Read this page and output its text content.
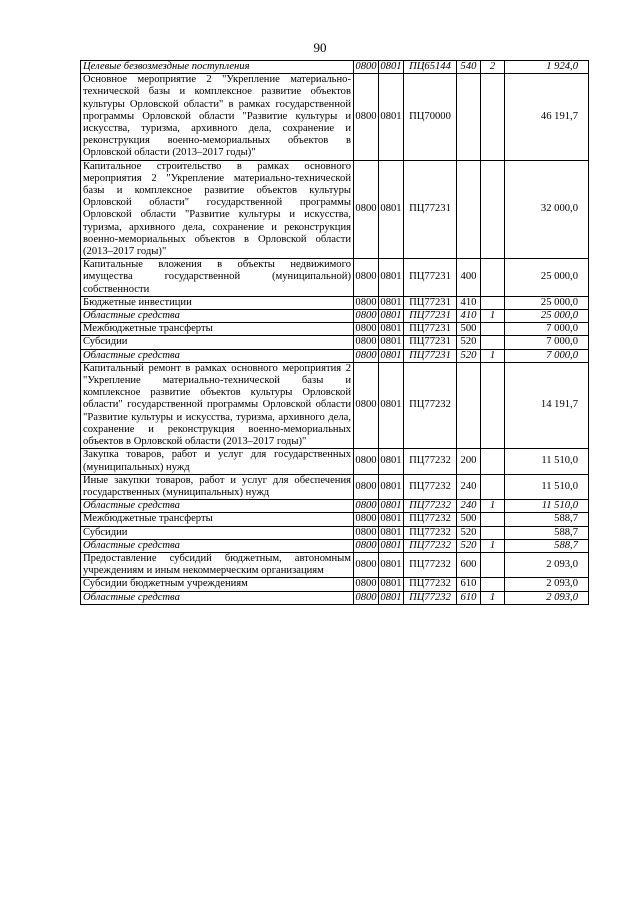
90
Целевые безвозмездные поступления	0800	0801	ПЦ65144	540	2	1 924,0
Основное мероприятие 2 "Укрепление материально-технической базы и комплексное развитие объектов культуры Орловской области" в рамках государственной программы Орловской области "Развитие культуры и искусства, туризма, архивного дела, сохранение и реконструкция военно-мемориальных объектов в Орловской области (2013–2017 годы)"	0800	0801	ПЦ70000			46 191,7
Капитальное строительство в рамках основного мероприятия 2 "Укрепление материально-технической базы и комплексное развитие объектов культуры Орловской области" государственной программы Орловской области "Развитие культуры и искусства, туризма, архивного дела, сохранение и реконструкция военно-мемориальных объектов в Орловской области (2013–2017 годы)"	0800	0801	ПЦ77231			32 000,0
Капитальные вложения в объекты недвижимого имущества государственной (муниципальной) собственности	0800	0801	ПЦ77231	400		25 000,0
Бюджетные инвестиции	0800	0801	ПЦ77231	410		25 000,0
Областные средства	0800	0801	ПЦ77231	410	1	25 000,0
Межбюджетные трансферты	0800	0801	ПЦ77231	500		7 000,0
Субсидии	0800	0801	ПЦ77231	520		7 000,0
Областные средства	0800	0801	ПЦ77231	520	1	7 000,0
Капитальный ремонт в рамках основного мероприятия 2 "Укрепление материально-технической базы и комплексное развитие объектов культуры Орловской области" государственной программы Орловской области "Развитие культуры и искусства, туризма, архивного дела, сохранение и реконструкция военно-мемориальных объектов в Орловской области (2013–2017 годы)"	0800	0801	ПЦ77232			14 191,7
Закупка товаров, работ и услуг для государственных (муниципальных) нужд	0800	0801	ПЦ77232	200		11 510,0
Иные закупки товаров, работ и услуг для обеспечения государственных (муниципальных) нужд	0800	0801	ПЦ77232	240		11 510,0
Областные средства	0800	0801	ПЦ77232	240	1	11 510,0
Межбюджетные трансферты	0800	0801	ПЦ77232	500		588,7
Субсидии	0800	0801	ПЦ77232	520		588,7
Областные средства	0800	0801	ПЦ77232	520	1	588,7
Предоставление субсидий бюджетным, автономным учреждениям и иным некоммерческим организациям	0800	0801	ПЦ77232	600		2 093,0
Субсидии бюджетным учреждениям	0800	0801	ПЦ77232	610		2 093,0
Областные средства	0800	0801	ПЦ77232	610	1	2 093,0
